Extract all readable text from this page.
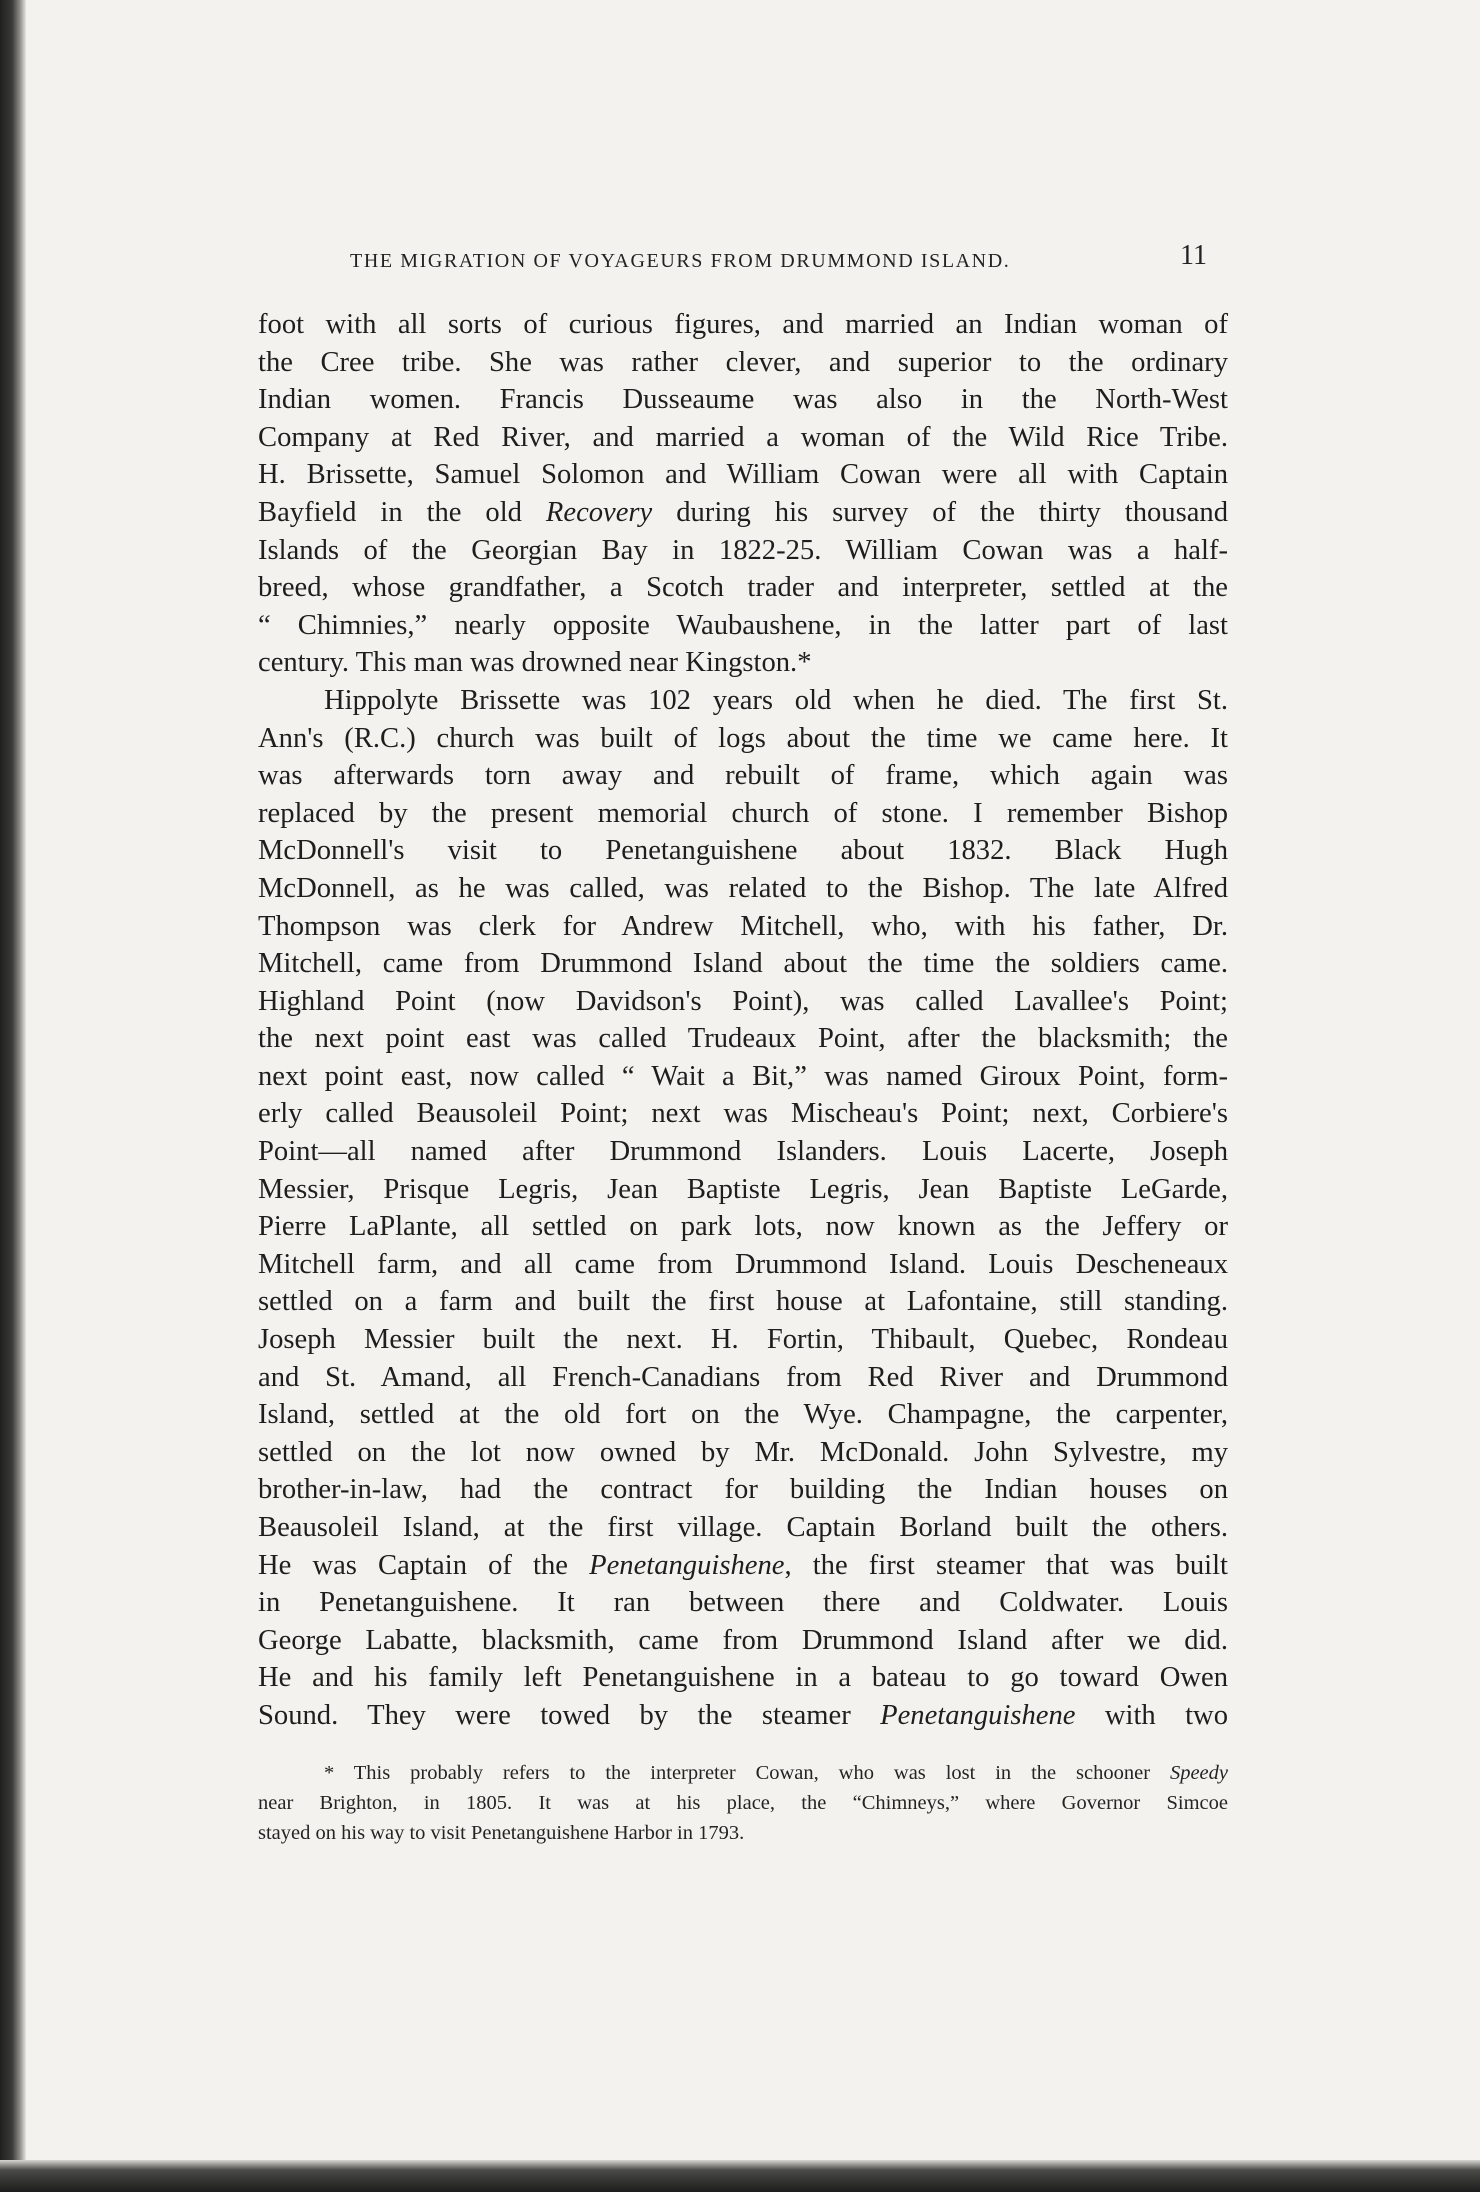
THE MIGRATION OF VOYAGEURS FROM DRUMMOND ISLAND.	11
foot with all sorts of curious figures, and married an Indian woman of
the Cree tribe. She was rather clever, and superior to the ordinary
Indian women. Francis Dusseaume was also in the North-West
Company at Red River, and married a woman of the Wild Rice Tribe.
H. Brissette, Samuel Solomon and William Cowan were all with Captain
Bayfield in the old Recovery during his survey of the thirty thousand
Islands of the Georgian Bay in 1822-25. William Cowan was a half-
breed, whose grandfather, a Scotch trader and interpreter, settled at the
“ Chimnies,” nearly opposite Waubaushene, in the latter part of last
century. This man was drowned near Kingston.*
Hippolyte Brissette was 102 years old when he died. The first St.
Ann's (R.C.) church was built of logs about the time we came here. It
was afterwards torn away and rebuilt of frame, which again was
replaced by the present memorial church of stone. I remember Bishop
McDonnell's visit to Penetanguishene about 1832. Black Hugh
McDonnell, as he was called, was related to the Bishop. The late Alfred
Thompson was clerk for Andrew Mitchell, who, with his father, Dr.
Mitchell, came from Drummond Island about the time the soldiers came.
Highland Point (now Davidson's Point), was called Lavallee's Point;
the next point east was called Trudeaux Point, after the blacksmith; the
next point east, now called “ Wait a Bit,” was named Giroux Point, form-
erly called Beausoleil Point; next was Mischeau's Point; next, Corbiere's
Point—all named after Drummond Islanders. Louis Lacerte, Joseph
Messier, Prisque Legris, Jean Baptiste Legris, Jean Baptiste LeGarde,
Pierre LaPlante, all settled on park lots, now known as the Jeffery or
Mitchell farm, and all came from Drummond Island. Louis Descheneaux
settled on a farm and built the first house at Lafontaine, still standing.
Joseph Messier built the next. H. Fortin, Thibault, Quebec, Rondeau
and St. Amand, all French-Canadians from Red River and Drummond
Island, settled at the old fort on the Wye. Champagne, the carpenter,
settled on the lot now owned by Mr. McDonald. John Sylvestre, my
brother-in-law, had the contract for building the Indian houses on
Beausoleil Island, at the first village. Captain Borland built the others.
He was Captain of the Penetanguishene, the first steamer that was built
in Penetanguishene. It ran between there and Coldwater. Louis
George Labatte, blacksmith, came from Drummond Island after we did.
He and his family left Penetanguishene in a bateau to go toward Owen
Sound. They were towed by the steamer Penetanguishene with two
* This probably refers to the interpreter Cowan, who was lost in the schooner Speedy
near Brighton, in 1805. It was at his place, the “Chimneys,” where Governor Simcoe
stayed on his way to visit Penetanguishene Harbor in 1793.
